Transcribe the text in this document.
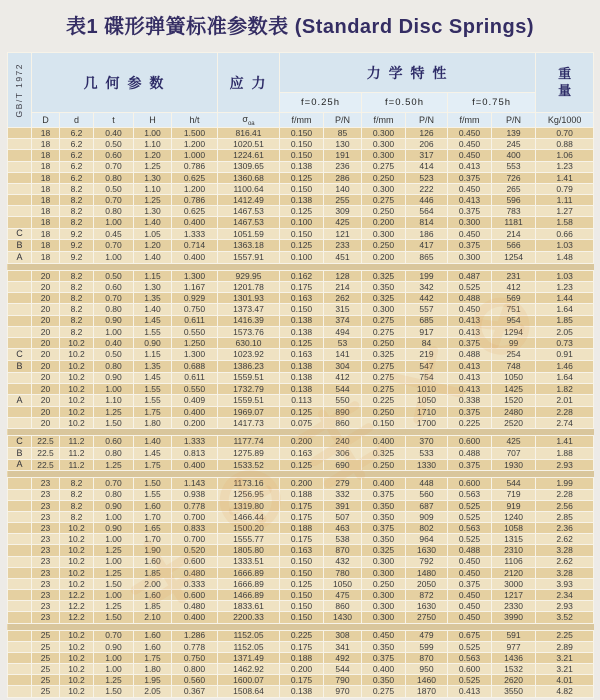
表1 碟形弹簧标准参数表 (Standard Disc Springs)
GB/T 1972	几 何 参 数					应 力	力 学 特 性						重
量

							f=0.25h		f=0.50h		f=0.75h		
	D	d	t	H	h/t	$\sigma_{oa}$	f/mm	P/N	f/mm	P/N	f/mm	P/N	Kg/1000
	18	6.2	0.40	1.00	1.500	816.41	0.150	85	0.300	126	0.450	139	0.70
	18	6.2	0.50	1.10	1.200	1020.51	0.150	130	0.300	206	0.450	245	0.88
	18	6.2	0.60	1.20	1.000	1224.61	0.150	191	0.300	317	0.450	400	1.06
	18	6.2	0.70	1.25	0.786	1309.65	0.138	236	0.275	414	0.413	553	1.23
	18	6.2	0.80	1.30	0.625	1360.68	0.125	286	0.250	523	0.375	726	1.41
	18	8.2	0.50	1.10	1.200	1100.64	0.150	140	0.300	222	0.450	265	0.79
	18	8.2	0.70	1.25	0.786	1412.49	0.138	255	0.275	446	0.413	596	1.11
	18	8.2	0.80	1.30	0.625	1467.53	0.125	309	0.250	564	0.375	783	1.27
	18	8.2	1.00	1.40	0.400	1467.53	0.100	425	0.200	814	0.300	1181	1.58
C	18	9.2	0.45	1.05	1.333	1051.59	0.150	121	0.300	186	0.450	214	0.66
B	18	9.2	0.70	1.20	0.714	1363.18	0.125	233	0.250	417	0.375	566	1.03
A	18	9.2	1.00	1.40	0.400	1557.91	0.100	451	0.200	865	0.300	1254	1.48

	20	8.2	0.50	1.15	1.300	929.95	0.162	128	0.325	199	0.487	231	1.03
	20	8.2	0.60	1.30	1.167	1201.78	0.175	214	0.350	342	0.525	412	1.23
	20	8.2	0.70	1.35	0.929	1301.93	0.163	262	0.325	442	0.488	569	1.44
	20	8.2	0.80	1.40	0.750	1373.47	0.150	315	0.300	557	0.450	751	1.64
	20	8.2	0.90	1.45	0.611	1416.39	0.138	374	0.275	685	0.413	954	1.85
	20	8.2	1.00	1.55	0.550	1573.76	0.138	494	0.275	917	0.413	1294	2.05
	20	10.2	0.40	0.90	1.250	630.10	0.125	53	0.250	84	0.375	99	0.73
C	20	10.2	0.50	1.15	1.300	1023.92	0.163	141	0.325	219	0.488	254	0.91
B	20	10.2	0.80	1.35	0.688	1386.23	0.138	304	0.275	547	0.413	748	1.46
	20	10.2	0.90	1.45	0.611	1559.51	0.138	412	0.275	754	0.413	1050	1.64
	20	10.2	1.00	1.55	0.550	1732.79	0.138	544	0.275	1010	0.413	1425	1.82
A	20	10.2	1.10	1.55	0.409	1559.51	0.113	550	0.225	1050	0.338	1520	2.01
	20	10.2	1.25	1.75	0.400	1969.07	0.125	890	0.250	1710	0.375	2480	2.28
	20	10.2	1.50	1.80	0.200	1417.73	0.075	860	0.150	1700	0.225	2520	2.74

C	22.5	11.2	0.60	1.40	1.333	1177.74	0.200	240	0.400	370	0.600	425	1.41
B	22.5	11.2	0.80	1.45	0.813	1275.89	0.163	306	0.325	533	0.488	707	1.88
A	22.5	11.2	1.25	1.75	0.400	1533.52	0.125	690	0.250	1330	0.375	1930	2.93

	23	8.2	0.70	1.50	1.143	1173.16	0.200	279	0.400	448	0.600	544	1.99
	23	8.2	0.80	1.55	0.938	1256.95	0.188	332	0.375	560	0.563	719	2.28
	23	8.2	0.90	1.60	0.778	1319.80	0.175	391	0.350	687	0.525	919	2.56
	23	8.2	1.00	1.70	0.700	1466.44	0.175	507	0.350	909	0.525	1240	2.85
	23	10.2	0.90	1.65	0.833	1500.20	0.188	463	0.375	802	0.563	1058	2.36
	23	10.2	1.00	1.70	0.700	1555.77	0.175	538	0.350	964	0.525	1315	2.62
	23	10.2	1.25	1.90	0.520	1805.80	0.163	870	0.325	1630	0.488	2310	3.28
	23	10.2	1.00	1.60	0.600	1333.51	0.150	432	0.300	792	0.450	1106	2.62
	23	10.2	1.25	1.85	0.480	1666.89	0.150	780	0.300	1480	0.450	2120	3.28
	23	10.2	1.50	2.00	0.333	1666.89	0.125	1050	0.250	2050	0.375	3000	3.93
	23	12.2	1.00	1.60	0.600	1466.89	0.150	475	0.300	872	0.450	1217	2.34
	23	12.2	1.25	1.85	0.480	1833.61	0.150	860	0.300	1630	0.450	2330	2.93
	23	12.2	1.50	2.10	0.400	2200.33	0.150	1430	0.300	2750	0.450	3990	3.52

	25	10.2	0.70	1.60	1.286	1152.05	0.225	308	0.450	479	0.675	591	2.25
	25	10.2	0.90	1.60	0.778	1152.05	0.175	341	0.350	599	0.525	977	2.89
	25	10.2	1.00	1.75	0.750	1371.49	0.188	492	0.375	870	0.563	1436	3.21
	25	10.2	1.00	1.80	0.800	1462.92	0.200	544	0.400	950	0.600	1532	3.21
	25	10.2	1.25	1.95	0.560	1600.07	0.175	790	0.350	1460	0.525	2620	4.01
	25	10.2	1.50	2.05	0.367	1508.64	0.138	970	0.275	1870	0.413	3550	4.82
